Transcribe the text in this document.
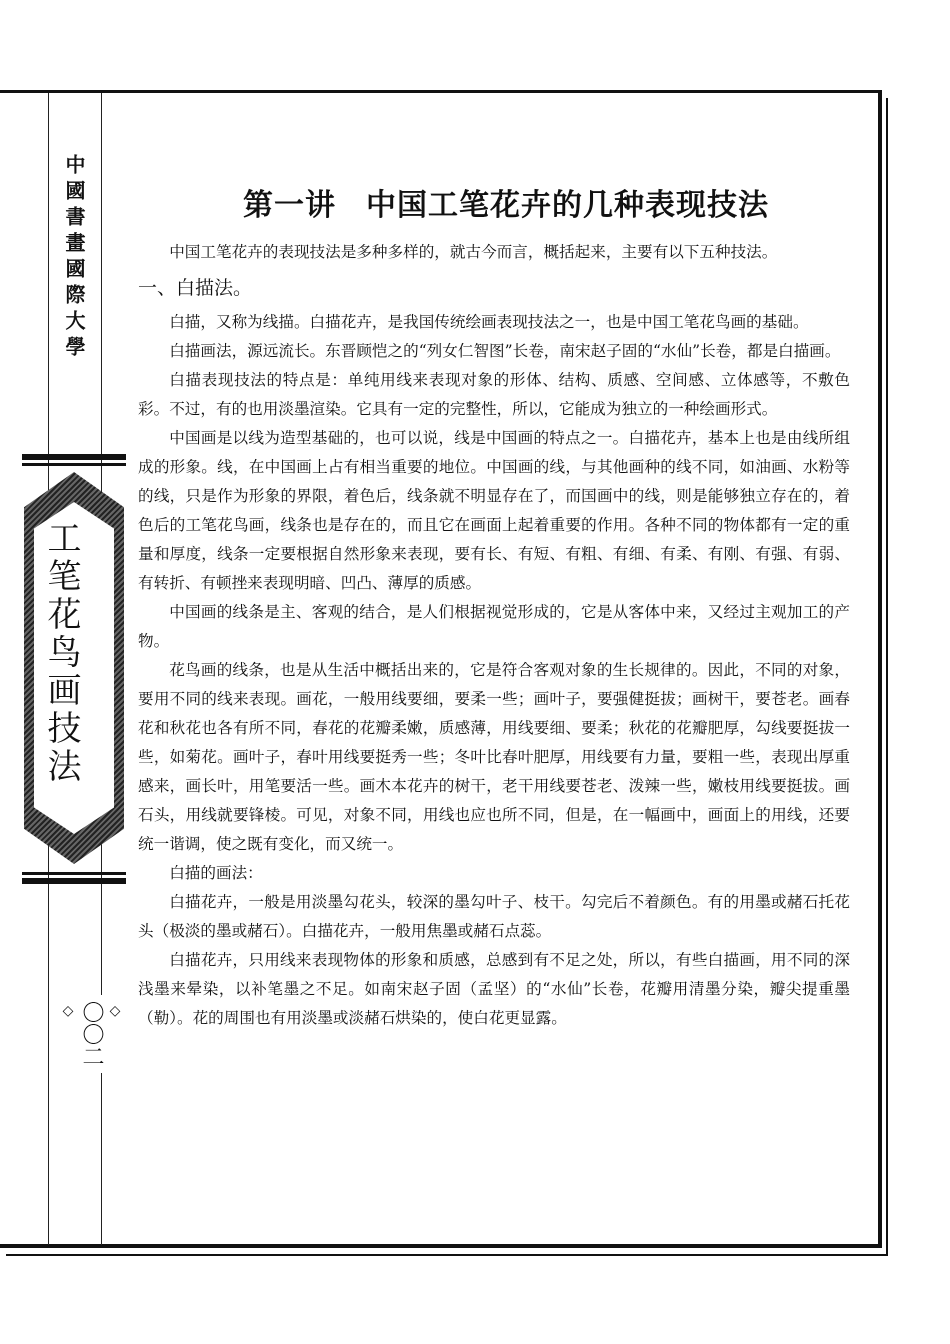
中國書畫國際大學
工笔花鸟画技法
◇
〇〇二
◇
第一讲 中国工笔花卉的几种表现技法

中国工笔花卉的表现技法是多种多样的，就古今而言，概括起来，主要有以下五种技法。

一、白描法。

白描，又称为线描。白描花卉，是我国传统绘画表现技法之一，也是中国工笔花鸟画的基础。

白描画法，源远流长。东晋顾恺之的“列女仁智图”长卷，南宋赵子固的“水仙”长卷，都是白描画。

白描表现技法的特点是：单纯用线来表现对象的形体、结构、质感、空间感、立体感等，不敷色彩。不过，有的也用淡墨渲染。它具有一定的完整性，所以，它能成为独立的一种绘画形式。

中国画是以线为造型基础的，也可以说，线是中国画的特点之一。白描花卉，基本上也是由线所组成的形象。线，在中国画上占有相当重要的地位。中国画的线，与其他画种的线不同，如油画、水粉等的线，只是作为形象的界限，着色后，线条就不明显存在了，而国画中的线，则是能够独立存在的，着色后的工笔花鸟画，线条也是存在的，而且它在画面上起着重要的作用。各种不同的物体都有一定的重量和厚度，线条一定要根据自然形象来表现，要有长、有短、有粗、有细、有柔、有刚、有强、有弱、有转折、有顿挫来表现明暗、凹凸、薄厚的质感。

中国画的线条是主、客观的结合，是人们根据视觉形成的，它是从客体中来，又经过主观加工的产物。

花鸟画的线条，也是从生活中概括出来的，它是符合客观对象的生长规律的。因此，不同的对象，要用不同的线来表现。画花，一般用线要细，要柔一些；画叶子，要强健挺拔；画树干，要苍老。画春花和秋花也各有所不同，春花的花瓣柔嫩，质感薄，用线要细、要柔；秋花的花瓣肥厚，勾线要挺拔一些，如菊花。画叶子，春叶用线要挺秀一些；冬叶比春叶肥厚，用线要有力量，要粗一些，表现出厚重感来，画长叶，用笔要活一些。画木本花卉的树干，老干用线要苍老、泼辣一些，嫩枝用线要挺拔。画石头，用线就要锋棱。可见，对象不同，用线也应也所不同，但是，在一幅画中，画面上的用线，还要统一谐调，使之既有变化，而又统一。

白描的画法：

白描花卉，一般是用淡墨勾花头，较深的墨勾叶子、枝干。勾完后不着颜色。有的用墨或赭石托花头（极淡的墨或赭石）。白描花卉，一般用焦墨或赭石点蕊。

白描花卉，只用线来表现物体的形象和质感，总感到有不足之处，所以，有些白描画，用不同的深浅墨来晕染，以补笔墨之不足。如南宋赵子固（孟坚）的“水仙”长卷，花瓣用清墨分染，瓣尖提重墨（勒）。花的周围也有用淡墨或淡赭石烘染的，使白花更显露。
